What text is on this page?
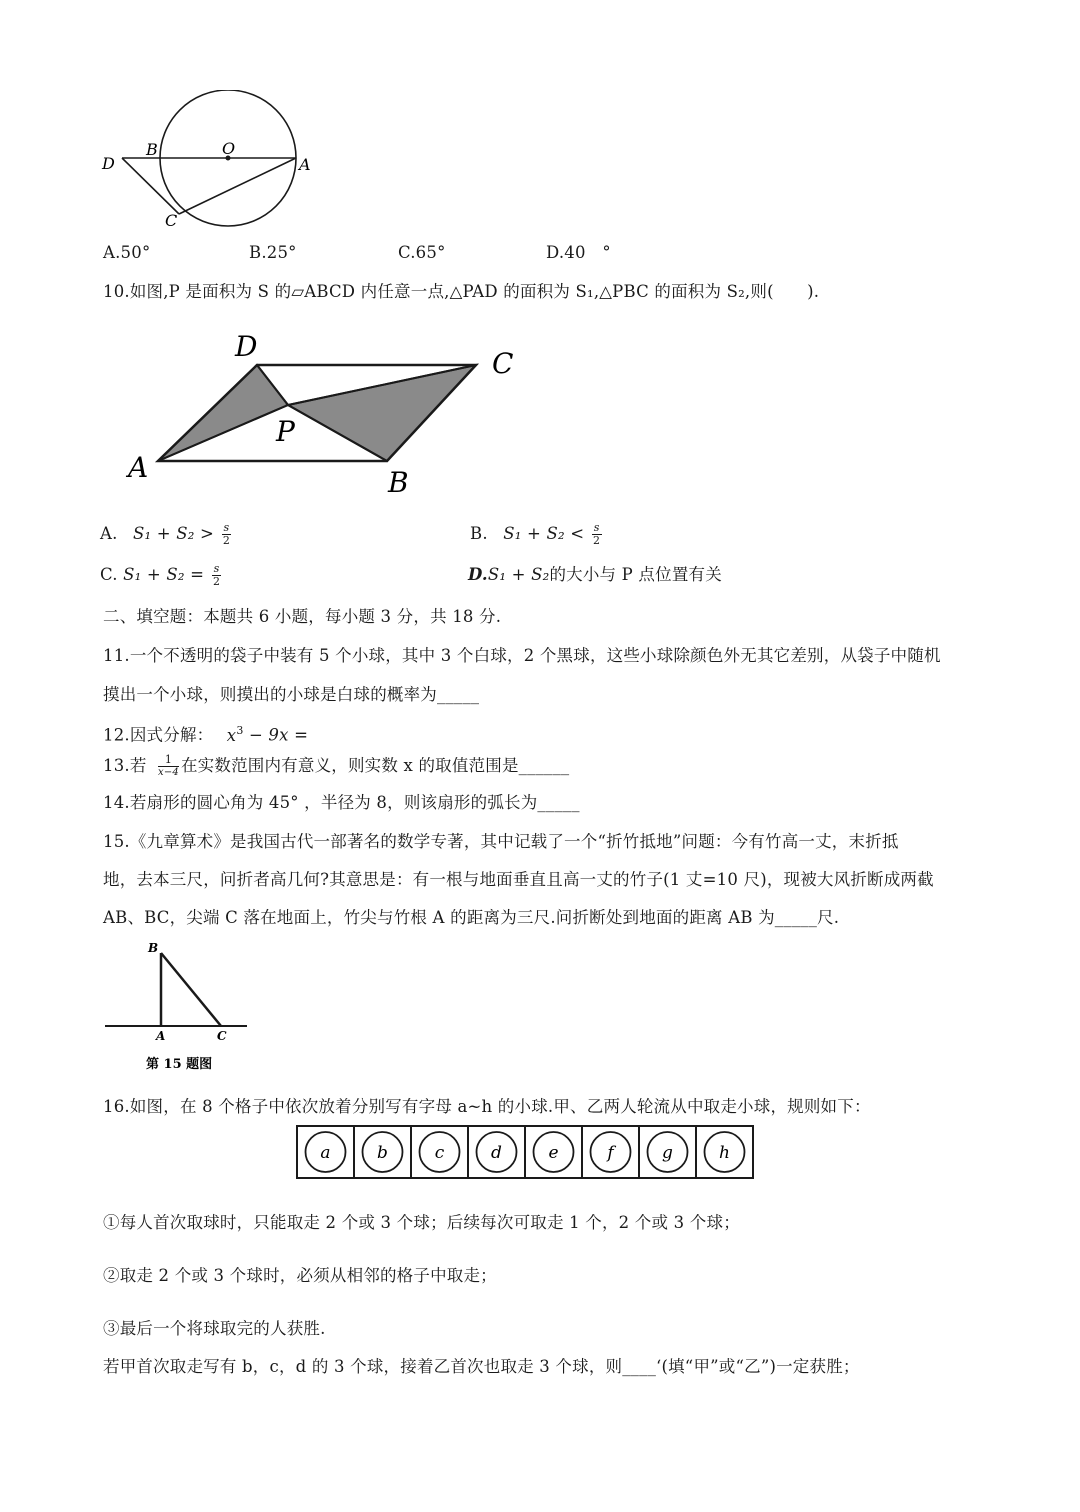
D
B	O
A
C
A.50°	B.25°	C.65°	D.40　°
10.如图,P 是面积为 S 的▱ABCD 内任意一点,△PAD 的面积为 S₁,△PBC 的面积为 S₂,则(　　).
D
C
P
A	B
A. $S_1 + S_2 > \frac{s}{2}$	B. $S_1 + S_2 < \frac{s}{2}$
C. $S_1 + S_2 = \frac{s}{2}$	D.S₁ + S₂的大小与 P 点位置有关
二、填空题：本题共 6 小题，每小题 3 分，共 18 分.
11.一个不透明的袋子中装有 5 个小球，其中 3 个白球，2 个黑球，这些小球除颜色外无其它差别，从袋子中随机
摸出一个小球，则摸出的小球是白球的概率为_____
12.因式分解： $x^3 - 9x$ =
13.若 $\frac{1}{x-4}$ 在实数范围内有意义，则实数 x 的取值范围是______
14.若扇形的圆心角为 45° ，半径为 8，则该扇形的弧长为_____
15.《九章算术》是我国古代一部著名的数学专著，其中记载了一个“折竹抵地”问题：今有竹高一丈，末折抵
地，去本三尺，问折者高几何?其意思是：有一根与地面垂直且高一丈的竹子(1 丈=10 尺)，现被大风折断成两截
AB、BC，尖端 C 落在地面上，竹尖与竹根 A 的距离为三尺.问折断处到地面的距离 AB 为_____尺.
B
A	C
第 15 题图
16.如图，在 8 个格子中依次放着分别写有字母 a~h 的小球.甲、乙两人轮流从中取走小球，规则如下：
a	b	c	d	e	f	g	h
①每人首次取球时，只能取走 2 个或 3 个球；后续每次可取走 1 个，2 个或 3 个球；
②取走 2 个或 3 个球时，必须从相邻的格子中取走；
③最后一个将球取完的人获胜.
若甲首次取走写有 b，c，d 的 3 个球，接着乙首次也取走 3 个球，则____‘(填“甲”或“乙”)一定获胜；
